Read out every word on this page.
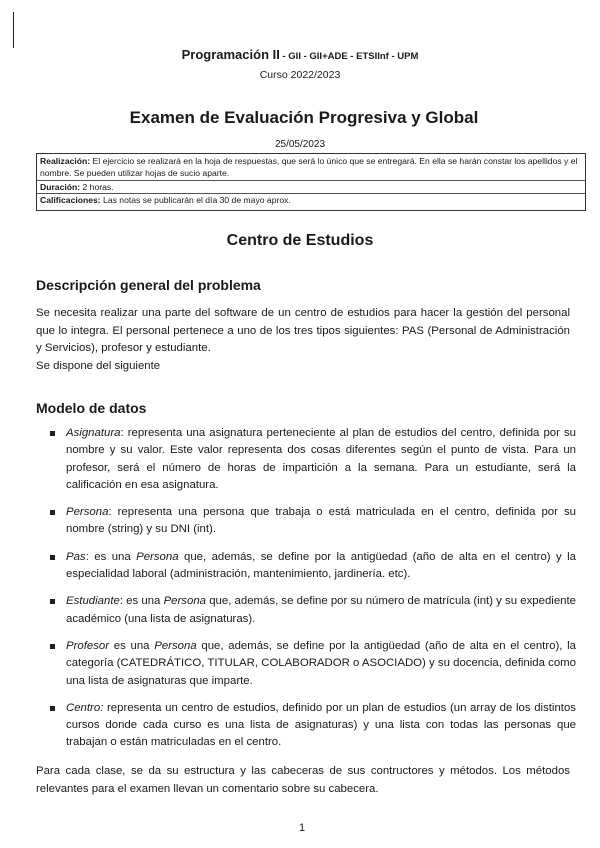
Programación II - GII - GII+ADE - ETSIInf - UPM
Curso 2022/2023
Examen de Evaluación Progresiva y Global
25/05/2023
Realización: El ejercicio se realizará en la hoja de respuestas, que será lo único que se entregará. En ella se harán constar los apellidos y el nombre. Se pueden utilizar hojas de sucio aparte.
Duración: 2 horas.
Calificaciones: Las notas se publicarán el día 30 de mayo aprox.
Centro de Estudios
Descripción general del problema
Se necesita realizar una parte del software de un centro de estudios para hacer la gestión del personal que lo integra. El personal pertenece a uno de los tres tipos siguientes: PAS (Personal de Administración y Servicios), profesor y estudiante.
Se dispone del siguiente
Modelo de datos
Asignatura: representa una asignatura perteneciente al plan de estudios del centro, definida por su nombre y su valor. Este valor representa dos cosas diferentes según el punto de vista. Para un profesor, será el número de horas de impartición a la semana. Para un estudiante, será la calificación en esa asignatura.
Persona: representa una persona que trabaja o está matriculada en el centro, definida por su nombre (string) y su DNI (int).
Pas: es una Persona que, además, se define por la antigüedad (año de alta en el centro) y la especialidad laboral (administración, mantenimiento, jardinería. etc).
Estudiante: es una Persona que, además, se define por su número de matrícula (int) y su expediente académico (una lista de asignaturas).
Profesor es una Persona que, además, se define por la antigüedad (año de alta en el centro), la categoría (CATEDRÁTICO, TITULAR, COLABORADOR o ASOCIADO) y su docencia, definida como una lista de asignaturas que imparte.
Centro: representa un centro de estudios, definido por un plan de estudios (un array de los distintos cursos donde cada curso es una lista de asignaturas) y una lista con todas las personas que trabajan o están matriculadas en el centro.
Para cada clase, se da su estructura y las cabeceras de sus contructores y métodos. Los métodos relevantes para el examen llevan un comentario sobre su cabecera.
1
